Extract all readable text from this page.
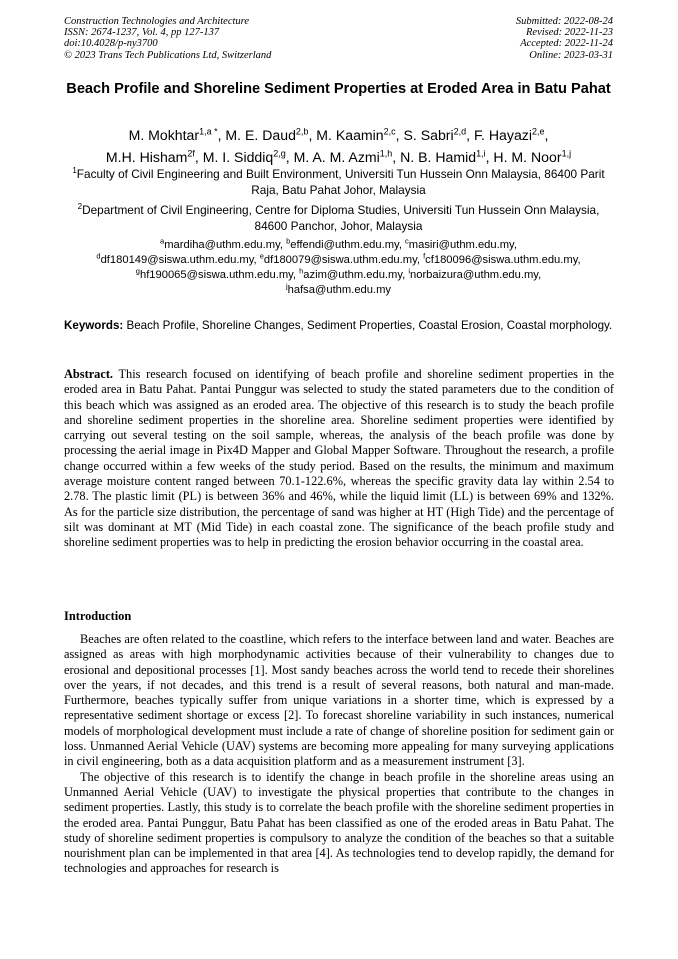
Construction Technologies and Architecture
ISSN: 2674-1237, Vol. 4, pp 127-137
doi:10.4028/p-ny3700
© 2023 Trans Tech Publications Ltd, Switzerland
Submitted: 2022-08-24
Revised: 2022-11-23
Accepted: 2022-11-24
Online: 2023-03-31
Beach Profile and Shoreline Sediment Properties at Eroded Area in Batu Pahat
M. Mokhtar$^{1,a *}$, M. E. Daud$^{2,b}$, M. Kaamin$^{2,c}$, S. Sabri$^{2,d}$, F. Hayazi$^{2,e}$,
M.H. Hisham$^{2f}$, M. I. Siddiq$^{2,g}$, M. A. M. Azmi$^{1,h}$, N. B. Hamid$^{1,i}$, H. M. Noor$^{1,j}$
$^1$Faculty of Civil Engineering and Built Environment, Universiti Tun Hussein Onn Malaysia, 86400 Parit Raja, Batu Pahat Johor, Malaysia
$^2$Department of Civil Engineering, Centre for Diploma Studies, Universiti Tun Hussein Onn Malaysia, 84600 Panchor, Johor, Malaysia
$^a$mardiha@uthm.edu.my, $^b$effendi@uthm.edu.my, $^c$masiri@uthm.edu.my,
$^d$df180149@siswa.uthm.edu.my, $^e$df180079@siswa.uthm.edu.my, $^f$cf180096@siswa.uthm.edu.my,
$^g$hf190065@siswa.uthm.edu.my, $^h$azim@uthm.edu.my, $^i$norbaizura@uthm.edu.my,
$^j$hafsa@uthm.edu.my
Keywords: Beach Profile, Shoreline Changes, Sediment Properties, Coastal Erosion, Coastal morphology.
Abstract. This research focused on identifying of beach profile and shoreline sediment properties in the eroded area in Batu Pahat. Pantai Punggur was selected to study the stated parameters due to the condition of this beach which was assigned as an eroded area. The objective of this research is to study the beach profile and shoreline sediment properties in the shoreline area. Shoreline sediment properties were identified by carrying out several testing on the soil sample, whereas, the analysis of the beach profile was done by processing the aerial image in Pix4D Mapper and Global Mapper Software. Throughout the research, a profile change occurred within a few weeks of the study period. Based on the results, the minimum and maximum average moisture content ranged between 70.1-122.6%, whereas the specific gravity data lay within 2.54 to 2.78. The plastic limit (PL) is between 36% and 46%, while the liquid limit (LL) is between 69% and 132%. As for the particle size distribution, the percentage of sand was higher at HT (High Tide) and the percentage of silt was dominant at MT (Mid Tide) in each coastal zone. The significance of the beach profile study and shoreline sediment properties was to help in predicting the erosion behavior occurring in the coastal area.
Introduction

Beaches are often related to the coastline, which refers to the interface between land and water. Beaches are assigned as areas with high morphodynamic activities because of their vulnerability to changes due to erosional and depositional processes [1]. Most sandy beaches across the world tend to recede their shorelines over the years, if not decades, and this trend is a result of several reasons, both natural and man-made. Furthermore, beaches typically suffer from unique variations in a shorter time, which is expressed by a representative sediment shortage or excess [2]. To forecast shoreline variability in such instances, numerical models of morphological development must include a rate of change of shoreline position for sediment gain or loss. Unmanned Aerial Vehicle (UAV) systems are becoming more appealing for many surveying applications in civil engineering, both as a data acquisition platform and as a measurement instrument [3].

The objective of this research is to identify the change in beach profile in the shoreline areas using an Unmanned Aerial Vehicle (UAV) to investigate the physical properties that contribute to the changes in sediment properties. Lastly, this study is to correlate the beach profile with the shoreline sediment properties in the eroded area. Pantai Punggur, Batu Pahat has been classified as one of the eroded areas in Batu Pahat. The study of shoreline sediment properties is compulsory to analyze the condition of the beaches so that a suitable nourishment plan can be implemented in that area [4]. As technologies tend to develop rapidly, the demand for technologies and approaches for research is
